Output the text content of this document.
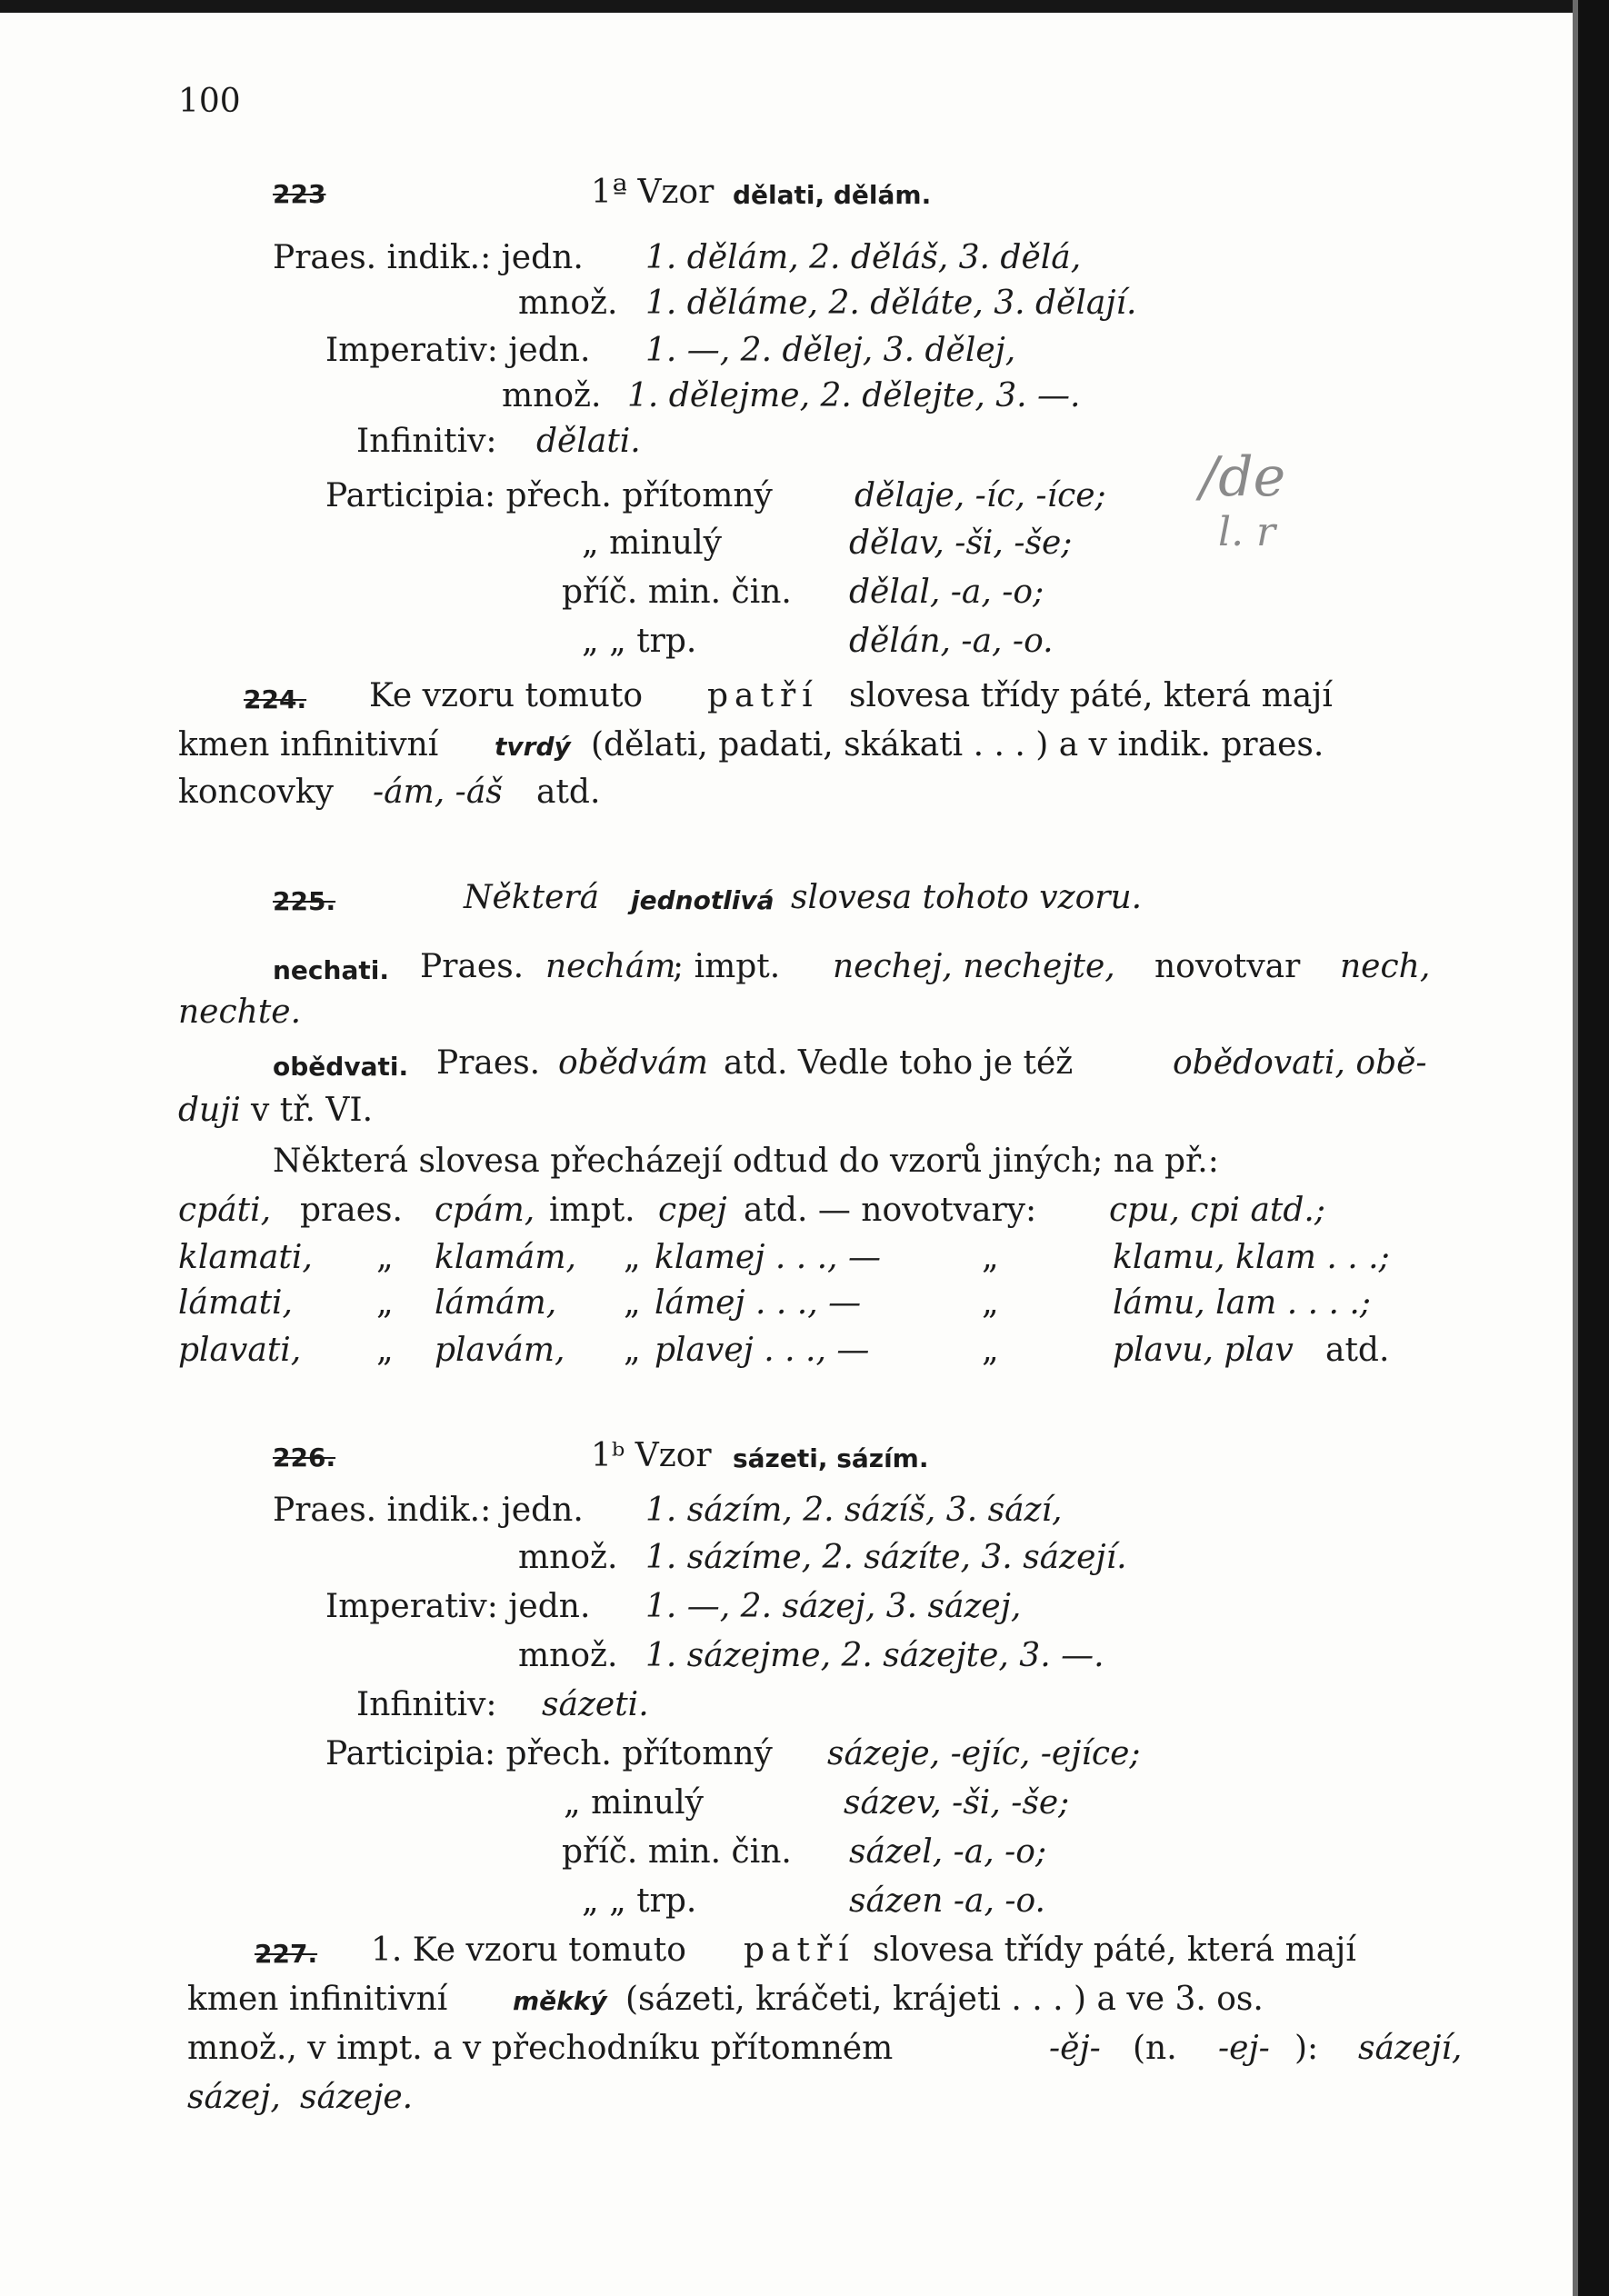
100
223	1ª Vzor dělati, dělám.
Praes. indik.: jedn. 1. dělám, 2. děláš, 3. dělá,
množ. 1. děláme, 2. děláte, 3. dělají.
Imperativ: jedn. 1. —, 2. dělej, 3. dělej,
množ. 1. dělejme, 2. dělejte, 3. —.
Infinitiv: dělati.
Participia: přech. přítomný	dělaje, -íc, -íce;
„ minulý	dělav, -ši, -še;
příč. min. čin. dělal, -a, -o;
„ „ trp.	dělán, -a, -o.
/de
l. r
224. Ke vzoru tomuto patří slovesa třídy páté, která mají
kmen infinitivní tvrdý (dělati, padati, skákati . . . ) a v indik. praes.
koncovky -ám, -áš atd.
225.	Některá jednotlivá slovesa tohoto vzoru.
nechati. Praes. nechám
; impt. nechej, nechejte, novotvar nech,
nechte.
obědvati. Praes. obědvám atd. Vedle toho je též	obědovati, obě-
duji v tř. VI.
Některá slovesa přecházejí odtud do vzorů jiných; na př.:
cpáti, praes. cpám, impt. cpej atd. — novotvary: cpu, cpi atd.;
klamati, „ klamám, „ klamej . . ., —	„	klamu, klam . . .;
lámati,	„ lámám, „ lámej . . ., —	„	lámu, lam . . . .;
plavati, „ plavám, „ plavej . . ., —	„	plavu, plav atd.
226.	1ᵇ Vzor sázeti, sázím.
Praes. indik.: jedn. 1. sázím, 2. sázíš, 3. sází,
množ. 1. sázíme, 2. sázíte, 3. sázejí.
Imperativ: jedn. 1. —, 2. sázej, 3. sázej,
množ. 1. sázejme, 2. sázejte, 3. —.
Infinitiv: sázeti.
Participia: přech. přítomný sázeje, -ejíc, -ejíce;
„ minulý	sázev, -ši, -še;
příč. min. čin. sázel, -a, -o;
„ „ trp.	sázen -a, -o.
227. 1. Ke vzoru tomuto patří slovesa třídy páté, která mají
kmen infinitivní	měkký (sázeti, kráčeti, krájeti . . . ) a ve 3. os.
množ., v impt. a v přechodníku přítomném	-ěj- (n. -ej- ): sázejí,
sázej, sázeje.
